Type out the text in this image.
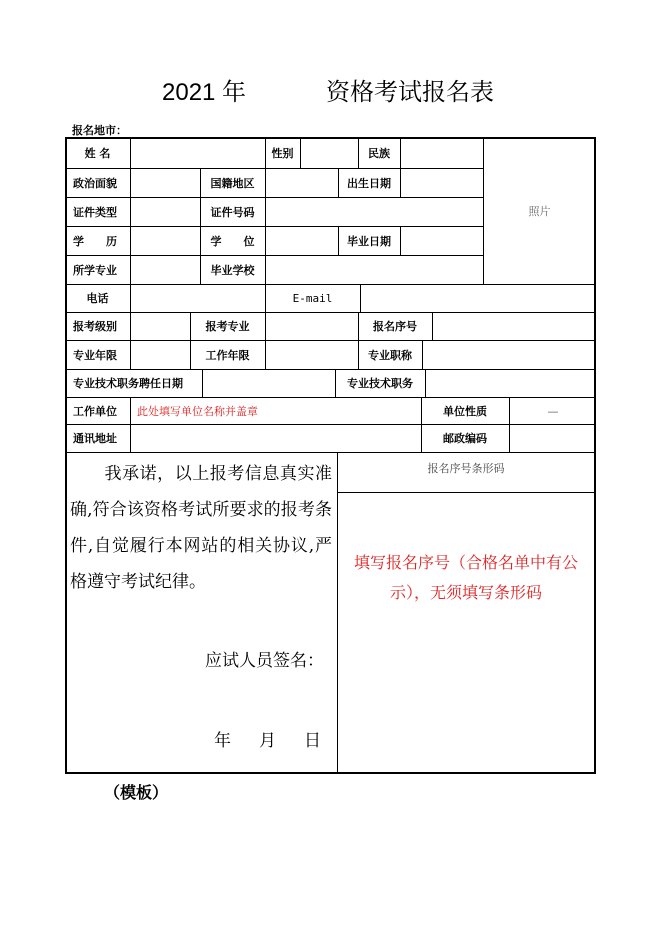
2021 年	资格考试报名表
报名地市：
姓 名	性别	民族
照片
政治面貌	国籍地区	出生日期
证件类型	证件号码
学　　历	学　　位	毕业日期
所学专业	毕业学校
电话	E-mail
报考级别	报考专业	报名序号
专业年限	工作年限	专业职称
专业技术职务聘任日期	专业技术职务
工作单位	此处填写单位名称并盖章	单位性质	—
通讯地址	邮政编码
我承诺，以上报考信息真实准确,符合该资格考试所要求的报考条件,自觉履行本网站的相关协议,严格遵守考试纪律。
应试人员签名：
年 月 日
报名序号条形码
填写报名序号（合格名单中有公示），无须填写条形码
（模板）
